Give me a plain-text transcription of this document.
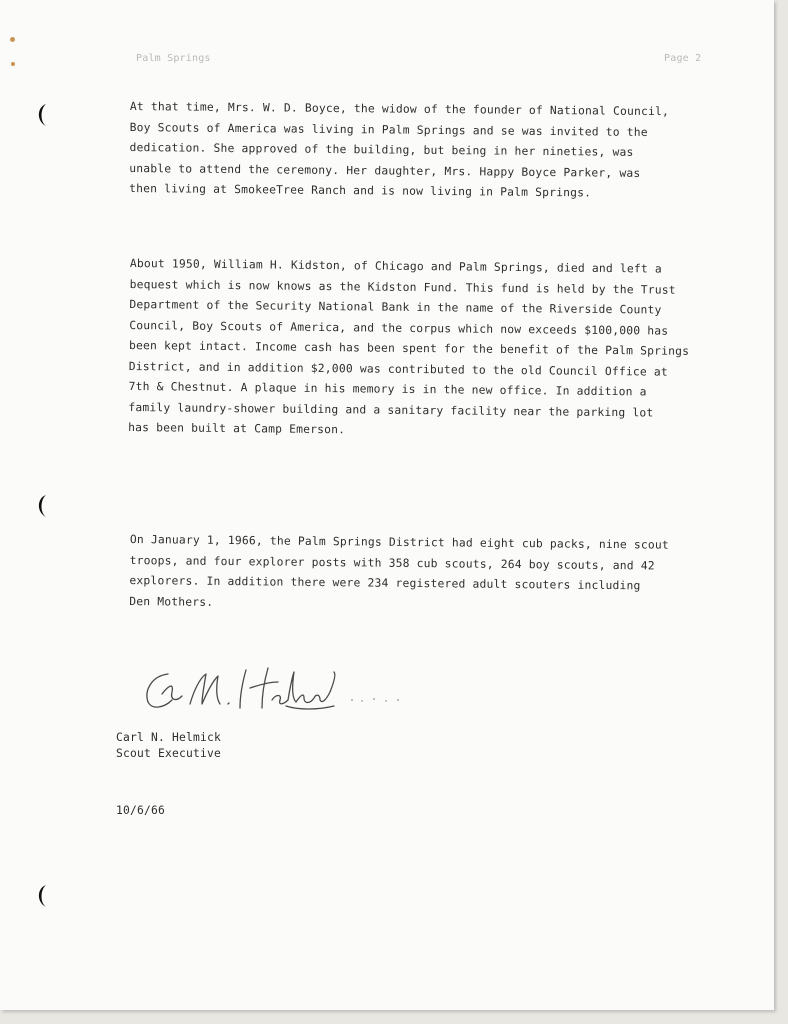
Palm Springs	Page 2
At that time, Mrs. W. D. Boyce, the widow of the founder of National Council,
Boy Scouts of America was living in Palm Springs and se was invited to the
dedication. She approved of the building, but being in her nineties, was
unable to attend the ceremony. Her daughter, Mrs. Happy Boyce Parker, was
then living at SmokeeTree Ranch and is now living in Palm Springs.
About 1950, William H. Kidston, of Chicago and Palm Springs, died and left a
bequest which is now knows as the Kidston Fund. This fund is held by the Trust
Department of the Security National Bank in the name of the Riverside County
Council, Boy Scouts of America, and the corpus which now exceeds $100,000 has
been kept intact. Income cash has been spent for the benefit of the Palm Springs
District, and in addition $2,000 was contributed to the old Council Office at
7th & Chestnut. A plaque in his memory is in the new office. In addition a
family laundry-shower building and a sanitary facility near the parking lot
has been built at Camp Emerson.
On January 1, 1966, the Palm Springs District had eight cub packs, nine scout
troops, and four explorer posts with 358 cub scouts, 264 boy scouts, and 42
explorers. In addition there were 234 registered adult scouters including
Den Mothers.
Carl N. Helmick
Scout Executive
10/6/66
